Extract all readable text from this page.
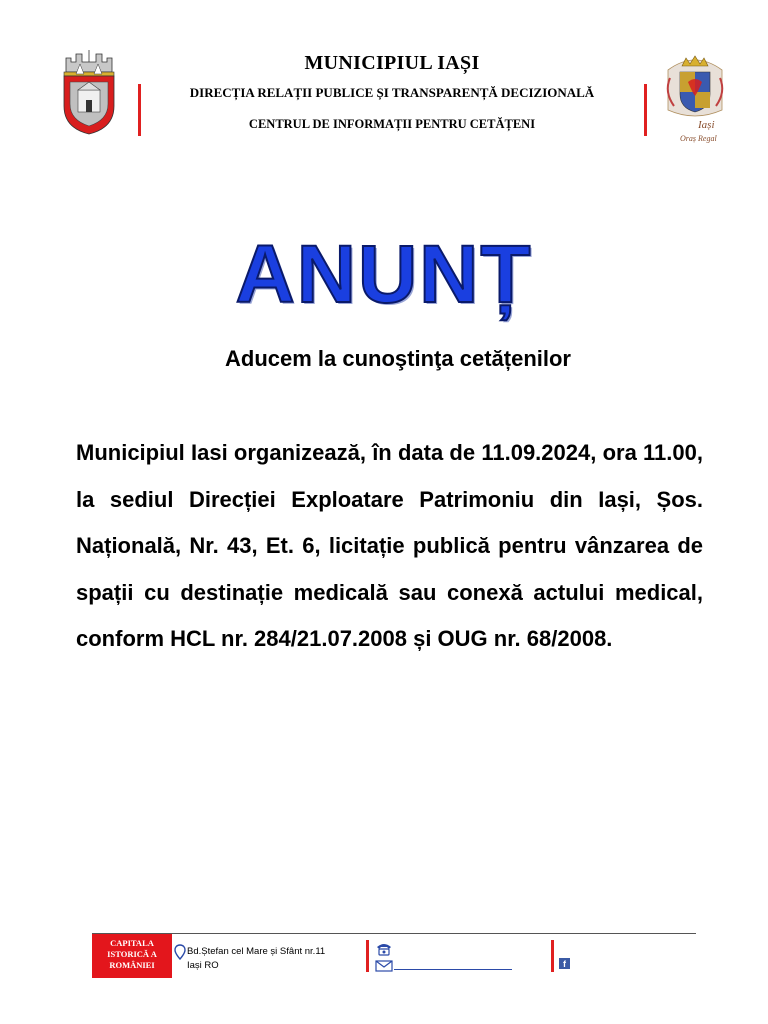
MUNICIPIUL IAȘI
DIRECȚIA RELAȚII PUBLICE ȘI TRANSPARENȚĂ DECIZIONALĂ
CENTRUL DE INFORMAȚII PENTRU CETĂȚENI	Iași
Oraș Regal
ANUNȚ
Aducem la cunoştinţa cetățenilor
Municipiul Iasi organizează, în data de 11.09.2024, ora 11.00, la sediul Direcției Exploatare Patrimoniu din Iași, Șos. Națională, Nr. 43, Et. 6, licitație publică pentru vânzarea de spații cu destinație medicală sau conexă actului medical, conform HCL nr. 284/21.07.2008 și OUG nr. 68/2008.
CAPITALA
ISTORICĂ A
ROMÂNIEI
Bd.Ștefan cel Mare și Sfânt nr.11
Iași RO	f
